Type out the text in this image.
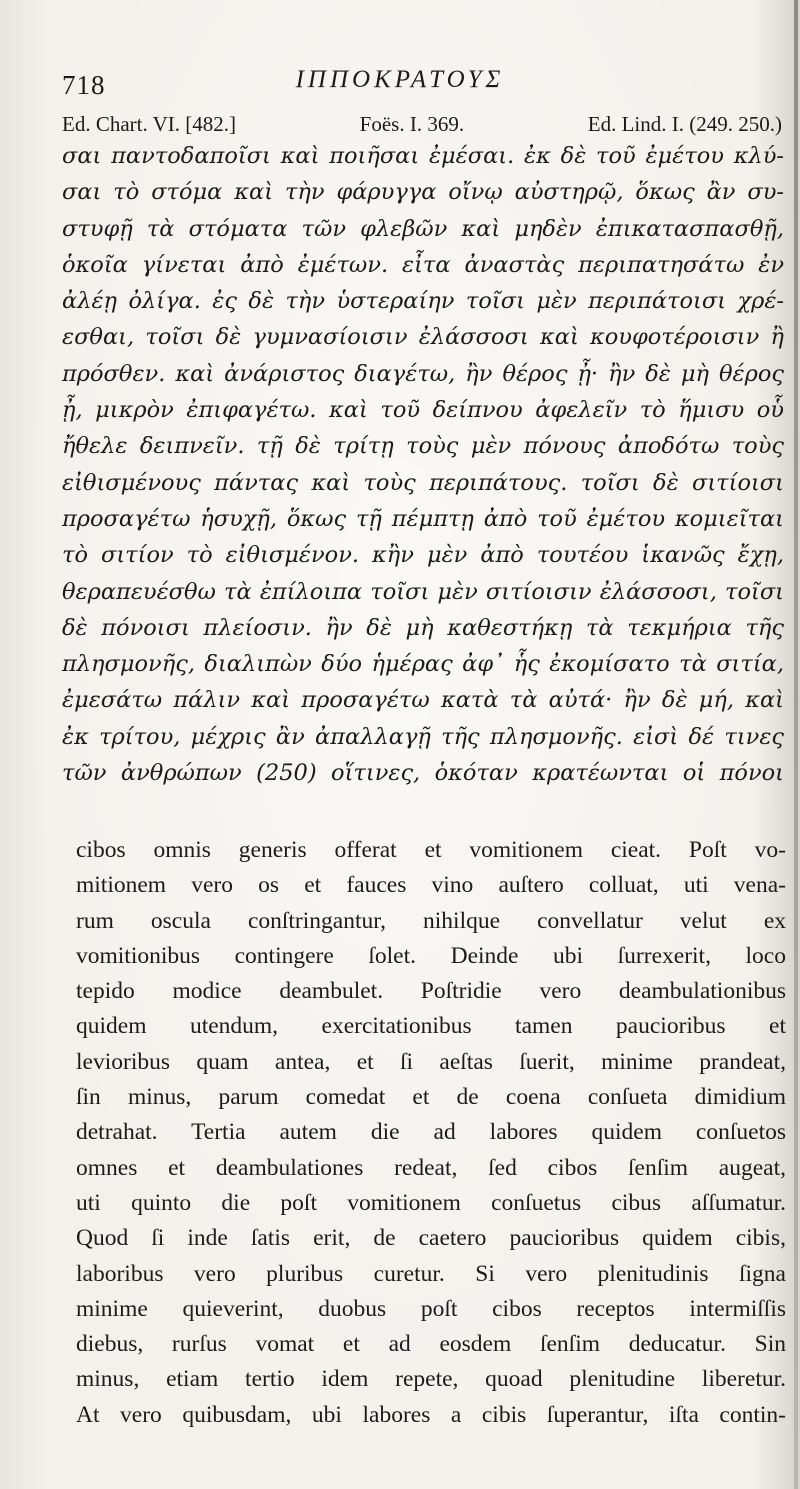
718	ΙΠΠΟΚΡΑΤΟΥΣ
Ed. Chart. VI. [482.]	Foës. I. 369.	Ed. Lind. I. (249. 250.)
σαι παντοδαποῖσι καὶ ποιῆσαι ἐμέσαι. ἐκ δὲ τοῦ ἐμέτου κλύ-
σαι τὸ στόμα καὶ τὴν φάρυγγα οἴνῳ αὐστηρῷ, ὅκως ἂν συ-
στυφῇ τὰ στόματα τῶν φλεβῶν καὶ μηδὲν ἐπικατασπασθῇ,
ὁκοῖα γίνεται ἀπὸ ἐμέτων. εἶτα ἀναστὰς περιπατησάτω ἐν
ἀλέῃ ὀλίγα. ἐς δὲ τὴν ὑστεραίην τοῖσι μὲν περιπάτοισι χρέ-
εσθαι, τοῖσι δὲ γυμνασίοισιν ἐλάσσοσι καὶ κουφοτέροισιν ἢ
πρόσθεν. καὶ ἀνάριστος διαγέτω, ἢν θέρος ᾖ· ἢν δὲ μὴ θέρος
ᾖ, μικρὸν ἐπιφαγέτω. καὶ τοῦ δείπνου ἀφελεῖν τὸ ἥμισυ οὗ
ἤθελε δειπνεῖν. τῇ δὲ τρίτῃ τοὺς μὲν πόνους ἀποδότω τοὺς
εἰθισμένους πάντας καὶ τοὺς περιπάτους. τοῖσι δὲ σιτίοισι
προσαγέτω ἡσυχῇ, ὅκως τῇ πέμπτῃ ἀπὸ τοῦ ἐμέτου κομιεῖται
τὸ σιτίον τὸ εἰθισμένον. κἢν μὲν ἀπὸ τουτέου ἱκανῶς ἔχῃ,
θεραπευέσθω τὰ ἐπίλοιπα τοῖσι μὲν σιτίοισιν ἐλάσσοσι, τοῖσι
δὲ πόνοισι πλείοσιν. ἢν δὲ μὴ καθεστήκῃ τὰ τεκμήρια τῆς
πλησμονῆς, διαλιπὼν δύο ἡμέρας ἀφ᾽ ἧς ἐκομίσατο τὰ σιτία,
ἐμεσάτω πάλιν καὶ προσαγέτω κατὰ τὰ αὐτά· ἢν δὲ μή, καὶ
ἐκ τρίτου, μέχρις ἂν ἀπαλλαγῇ τῆς πλησμονῆς. εἰσὶ δέ τινες
τῶν ἀνθρώπων (250) οἵτινες, ὁκόταν κρατέωνται οἱ πόνοι
cibos omnis generis offerat et vomitionem cieat. Poſt vo-
mitionem vero os et fauces vino auſtero colluat, uti vena-
rum oscula conſtringantur, nihilque convellatur velut ex
vomitionibus contingere ſolet. Deinde ubi ſurrexerit, loco
tepido modice deambulet. Poſtridie vero deambulationibus
quidem utendum, exercitationibus tamen paucioribus et
levioribus quam antea, et ſi aeſtas ſuerit, minime prandeat,
ſin minus, parum comedat et de coena conſueta dimidium
detrahat. Tertia autem die ad labores quidem conſuetos
omnes et deambulationes redeat, ſed cibos ſenſim augeat,
uti quinto die poſt vomitionem conſuetus cibus aſſumatur.
Quod ſi inde ſatis erit, de caetero paucioribus quidem cibis,
laboribus vero pluribus curetur. Si vero plenitudinis ſigna
minime quieverint, duobus poſt cibos receptos intermiſſis
diebus, rurſus vomat et ad eosdem ſenſim deducatur. Sin
minus, etiam tertio idem repete, quoad plenitudine liberetur.
At vero quibusdam, ubi labores a cibis ſuperantur, iſta contin-
